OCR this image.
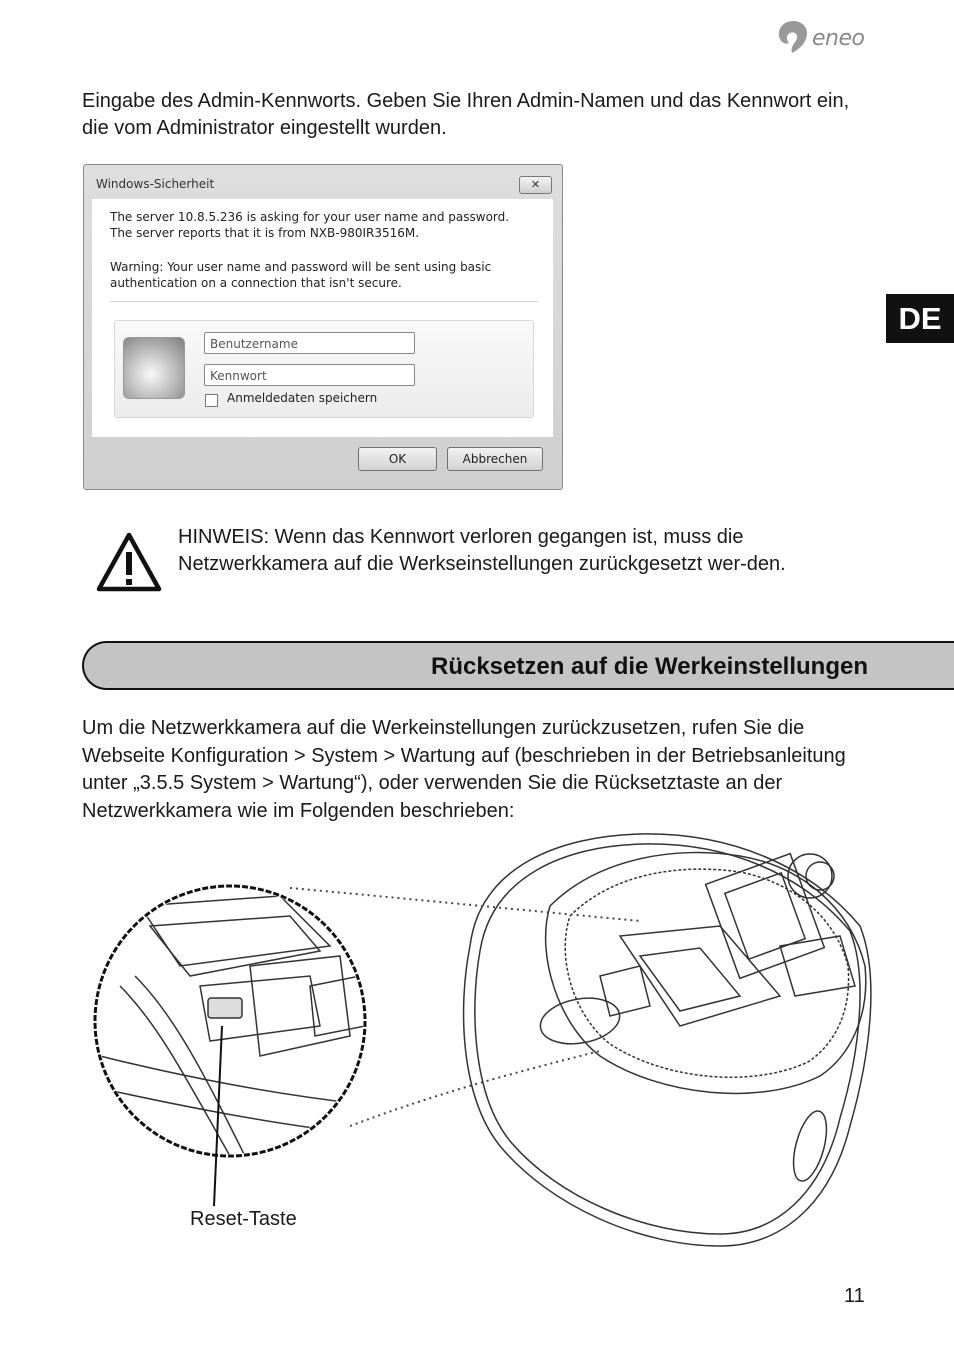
eneo
DE
Eingabe des Admin-Kennworts. Geben Sie Ihren Admin-Namen und das Kennwort ein, die vom Administrator eingestellt wurden.
Windows-Sicherheit	✕
The server 10.8.5.236 is asking for your user name and password. The server reports that it is from NXB-980IR3516M.
Warning: Your user name and password will be sent using basic authentication on a connection that isn't secure.
Benutzername
Kennwort
Anmeldedaten speichern
OK	Abbrechen
HINWEIS: Wenn das Kennwort verloren gegangen ist, muss die Netzwerkkamera auf die Werkseinstellungen zurückgesetzt wer-den.
Rücksetzen auf die Werkeinstellungen
Um die Netzwerkkamera auf die Werkeinstellungen zurückzusetzen, rufen Sie die Webseite Konfiguration > System > Wartung auf (beschrieben in der Betriebsanleitung unter „3.5.5 System > Wartung“), oder verwenden Sie die Rücksetztaste an der Netzwerkkamera wie im Folgenden beschrieben:
Reset-Taste
11
